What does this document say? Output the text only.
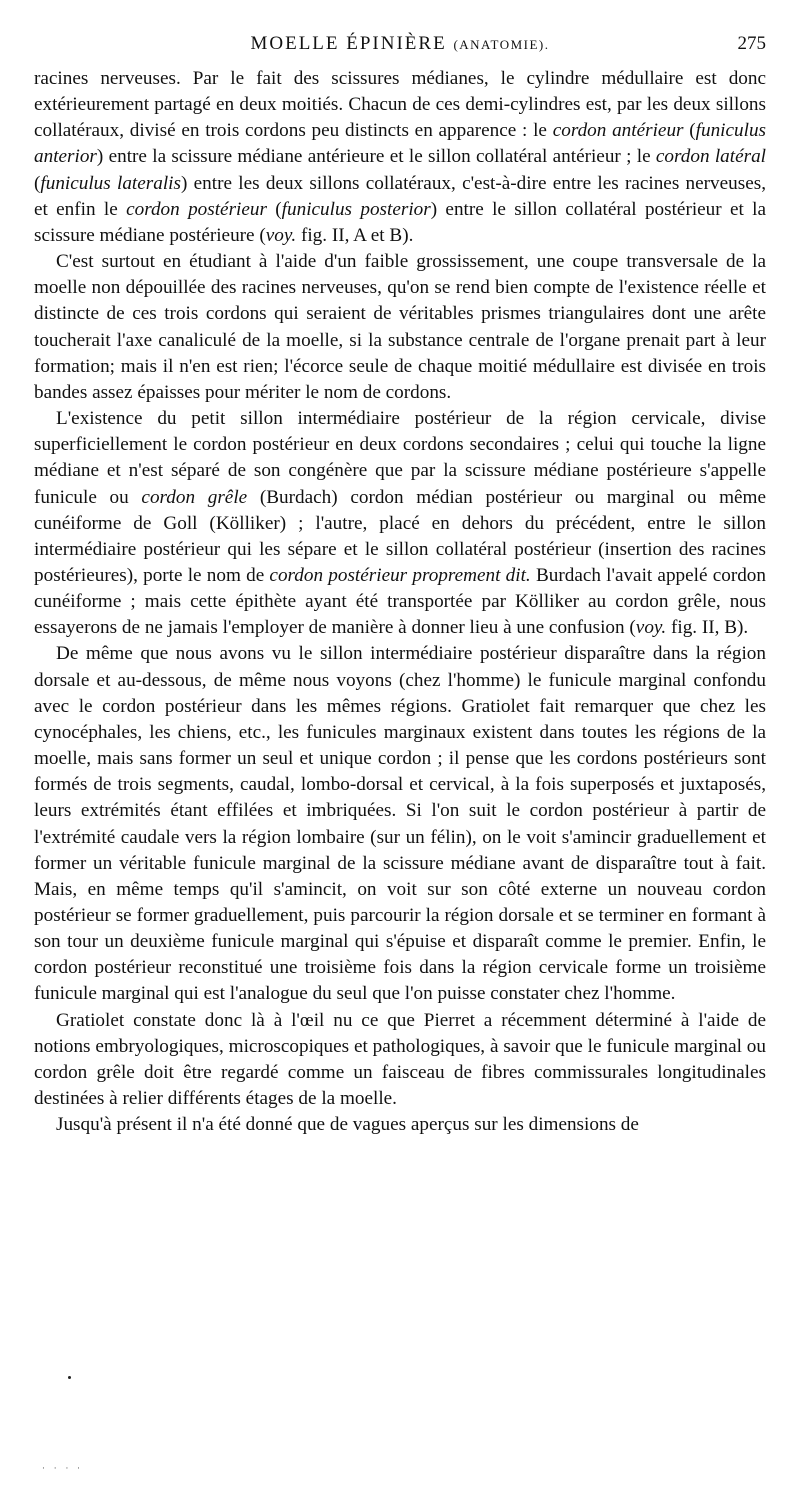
MOELLE ÉPINIÈRE (ANATOMIE).	275

racines nerveuses. Par le fait des scissures médianes, le cylindre médullaire est donc extérieurement partagé en deux moitiés. Chacun de ces demi-cylindres est, par les deux sillons collatéraux, divisé en trois cordons peu distincts en apparence : le cordon antérieur (funiculus anterior) entre la scissure médiane antérieure et le sillon collatéral antérieur ; le cordon latéral (funiculus lateralis) entre les deux sillons collatéraux, c'est-à-dire entre les racines nerveuses, et enfin le cordon postérieur (funiculus posterior) entre le sillon collatéral postérieur et la scissure médiane postérieure (voy. fig. II, A et B).

C'est surtout en étudiant à l'aide d'un faible grossissement, une coupe transversale de la moelle non dépouillée des racines nerveuses, qu'on se rend bien compte de l'existence réelle et distincte de ces trois cordons qui seraient de véritables prismes triangulaires dont une arête toucherait l'axe canaliculé de la moelle, si la substance centrale de l'organe prenait part à leur formation; mais il n'en est rien; l'écorce seule de chaque moitié médullaire est divisée en trois bandes assez épaisses pour mériter le nom de cordons.

L'existence du petit sillon intermédiaire postérieur de la région cervicale, divise superficiellement le cordon postérieur en deux cordons secondaires ; celui qui touche la ligne médiane et n'est séparé de son congénère que par la scissure médiane postérieure s'appelle funicule ou cordon grêle (Burdach) cordon médian postérieur ou marginal ou même cunéiforme de Goll (Kölliker) ; l'autre, placé en dehors du précédent, entre le sillon intermédiaire postérieur qui les sépare et le sillon collatéral postérieur (insertion des racines postérieures), porte le nom de cordon postérieur proprement dit. Burdach l'avait appelé cordon cunéiforme ; mais cette épithète ayant été transportée par Kölliker au cordon grêle, nous essayerons de ne jamais l'employer de manière à donner lieu à une confusion (voy. fig. II, B).

De même que nous avons vu le sillon intermédiaire postérieur disparaître dans la région dorsale et au-dessous, de même nous voyons (chez l'homme) le funicule marginal confondu avec le cordon postérieur dans les mêmes régions. Gratiolet fait remarquer que chez les cynocéphales, les chiens, etc., les funicules marginaux existent dans toutes les régions de la moelle, mais sans former un seul et unique cordon ; il pense que les cordons postérieurs sont formés de trois segments, caudal, lombo-dorsal et cervical, à la fois superposés et juxtaposés, leurs extrémités étant effilées et imbriquées. Si l'on suit le cordon postérieur à partir de l'extrémité caudale vers la région lombaire (sur un félin), on le voit s'amincir graduellement et former un véritable funicule marginal de la scissure médiane avant de disparaître tout à fait. Mais, en même temps qu'il s'amincit, on voit sur son côté externe un nouveau cordon postérieur se former graduellement, puis parcourir la région dorsale et se terminer en formant à son tour un deuxième funicule marginal qui s'épuise et disparaît comme le premier. Enfin, le cordon postérieur reconstitué une troisième fois dans la région cervicale forme un troisième funicule marginal qui est l'analogue du seul que l'on puisse constater chez l'homme.

Gratiolet constate donc là à l'œil nu ce que Pierret a récemment déterminé à l'aide de notions embryologiques, microscopiques et pathologiques, à savoir que le funicule marginal ou cordon grêle doit être regardé comme un faisceau de fibres commissurales longitudinales destinées à relier différents étages de la moelle.

Jusqu'à présent il n'a été donné que de vagues aperçus sur les dimensions de

· · · ·
